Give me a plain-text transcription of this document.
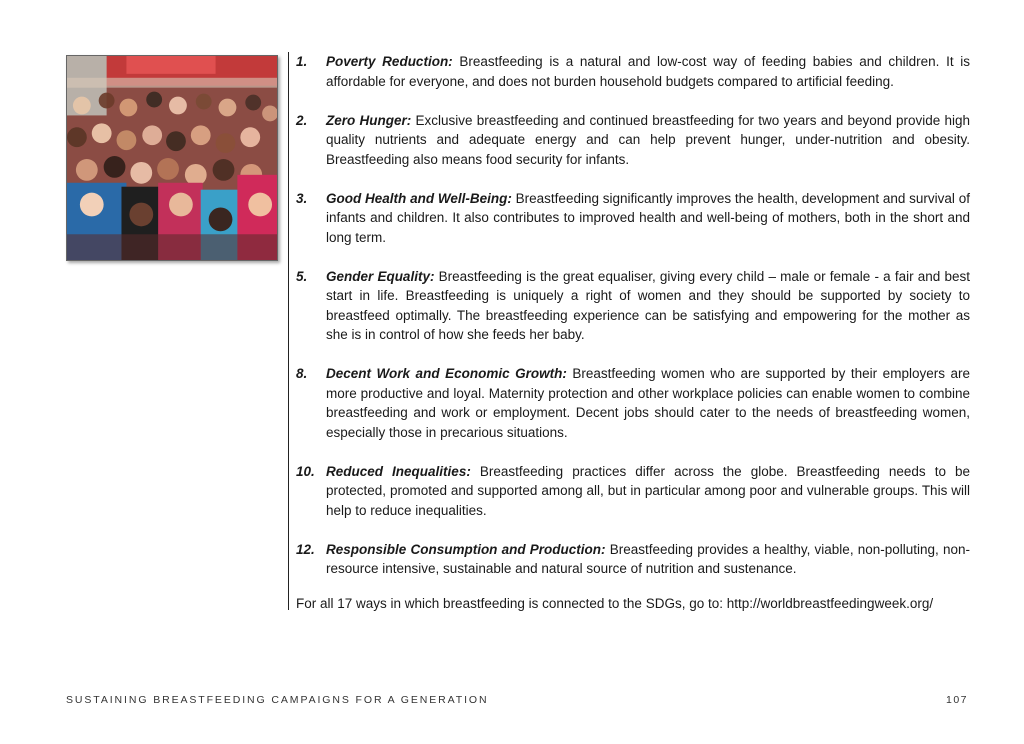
1.	Poverty Reduction: Breastfeeding is a natural and low-cost way of feeding babies and children. It is affordable for everyone, and does not burden household budgets compared to artificial feeding.
2.	Zero Hunger: Exclusive breastfeeding and continued breastfeeding for two years and beyond provide high quality nutrients and adequate energy and can help prevent hunger, under-nutrition and obesity. Breastfeeding also means food security for infants.
3.	Good Health and Well-Being: Breastfeeding significantly improves the health, development and survival of infants and children. It also contributes to improved health and well-being of mothers, both in the short and long term.
5.	Gender Equality: Breastfeeding is the great equaliser, giving every child – male or female - a fair and best start in life. Breastfeeding is uniquely a right of women and they should be supported by society to breastfeed optimally. The breastfeeding experience can be satisfying and empowering for the mother as she is in control of how she feeds her baby.
8.	Decent Work and Economic Growth: Breastfeeding women who are supported by their employers are more productive and loyal. Maternity protection and other workplace policies can enable women to combine breastfeeding and work or employment. Decent jobs should cater to the needs of breastfeeding women, especially those in precarious situations.
10. Reduced Inequalities: Breastfeeding practices differ across the globe. Breastfeeding needs to be protected, promoted and supported among all, but in particular among poor and vulnerable groups. This will help to reduce inequalities.
12. Responsible Consumption and Production: Breastfeeding provides a healthy, viable, non-polluting, non-resource intensive, sustainable and natural source of nutrition and sustenance.
For all 17 ways in which breastfeeding is connected to the SDGs, go to: http://worldbreastfeedingweek.org/
SUSTAINING BREASTFEEDING CAMPAIGNS FOR A GENERATION	107
